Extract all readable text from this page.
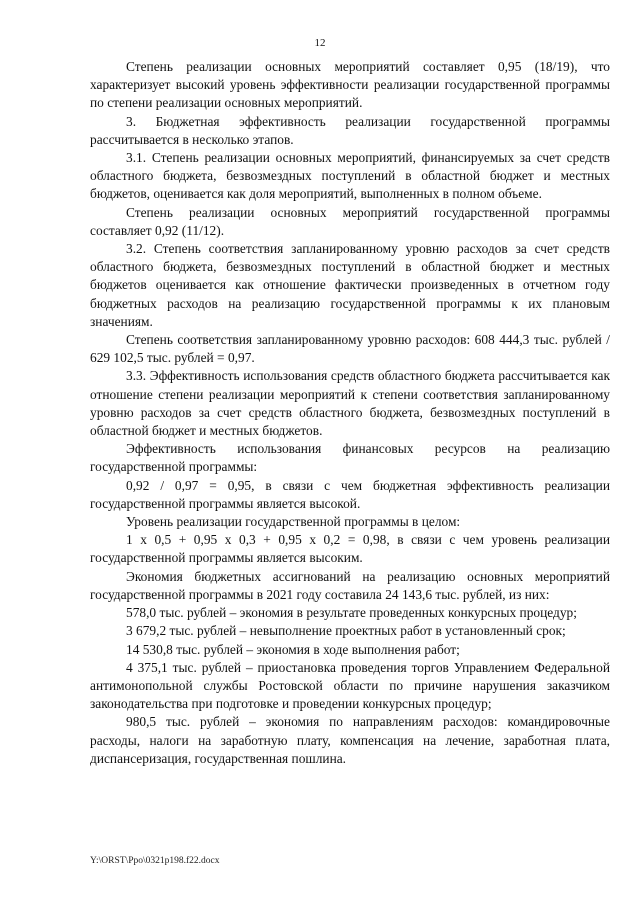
12

Степень реализации основных мероприятий составляет 0,95 (18/19), что характеризует высокий уровень эффективности реализации государственной программы по степени реализации основных мероприятий.

3. Бюджетная эффективность реализации государственной программы рассчитывается в несколько этапов.

3.1. Степень реализации основных мероприятий, финансируемых за счет средств областного бюджета, безвозмездных поступлений в областной бюджет и местных бюджетов, оценивается как доля мероприятий, выполненных в полном объеме.

Степень реализации основных мероприятий государственной программы составляет 0,92 (11/12).

3.2. Степень соответствия запланированному уровню расходов за счет средств областного бюджета, безвозмездных поступлений в областной бюджет и местных бюджетов оценивается как отношение фактически произведенных в отчетном году бюджетных расходов на реализацию государственной программы к их плановым значениям.

Степень соответствия запланированному уровню расходов: 608 444,3 тыс. рублей / 629 102,5 тыс. рублей = 0,97.

3.3. Эффективность использования средств областного бюджета рассчитывается как отношение степени реализации мероприятий к степени соответствия запланированному уровню расходов за счет средств областного бюджета, безвозмездных поступлений в областной бюджет и местных бюджетов.

Эффективность использования финансовых ресурсов на реализацию государственной программы:

0,92 / 0,97 = 0,95, в связи с чем бюджетная эффективность реализации государственной программы является высокой.

Уровень реализации государственной программы в целом:

1 х 0,5 + 0,95 х 0,3 + 0,95 х 0,2 = 0,98, в связи с чем уровень реализации государственной программы является высоким.

Экономия бюджетных ассигнований на реализацию основных мероприятий государственной программы в 2021 году составила 24 143,6 тыс. рублей, из них:

578,0 тыс. рублей – экономия в результате проведенных конкурсных процедур;

3 679,2 тыс. рублей – невыполнение проектных работ в установленный срок;

14 530,8 тыс. рублей – экономия в ходе выполнения работ;

4 375,1 тыс. рублей – приостановка проведения торгов Управлением Федеральной антимонопольной службы Ростовской области по причине нарушения заказчиком законодательства при подготовке и проведении конкурсных процедур;

980,5 тыс. рублей – экономия по направлениям расходов: командировочные расходы, налоги на заработную плату, компенсация на лечение, заработная плата, диспансеризация, государственная пошлина.

Y:\ORST\Ppo\0321p198.f22.docx
